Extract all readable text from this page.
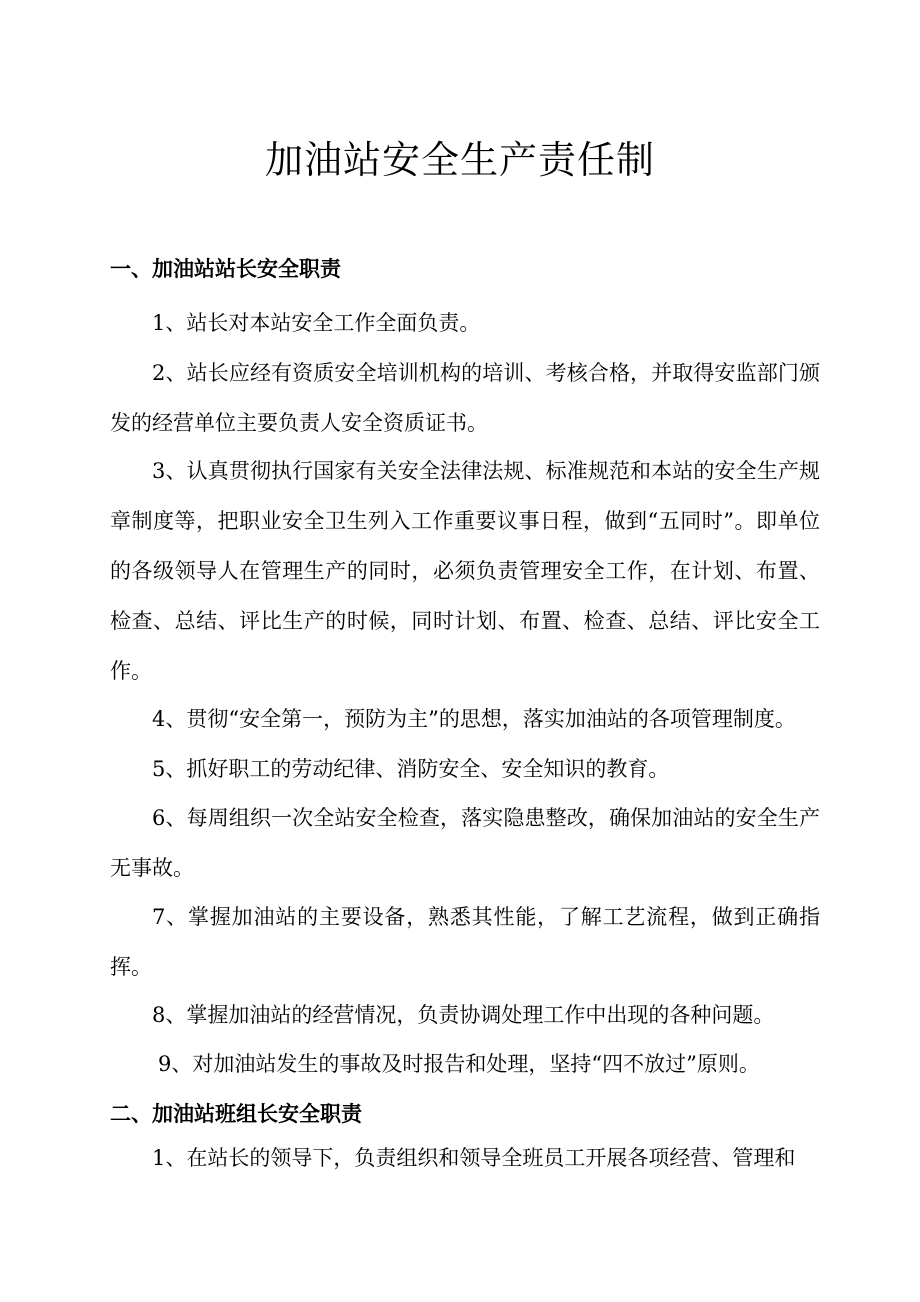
加油站安全生产责任制
一、加油站站长安全职责

1、站长对本站安全工作全面负责。

2、站长应经有资质安全培训机构的培训、考核合格，并取得安监部门颁发的经营单位主要负责人安全资质证书。

3、认真贯彻执行国家有关安全法律法规、标准规范和本站的安全生产规章制度等，把职业安全卫生列入工作重要议事日程，做到“五同时”。即单位的各级领导人在管理生产的同时，必须负责管理安全工作，在计划、布置、检查、总结、评比生产的时候，同时计划、布置、检查、总结、评比安全工作。

4、贯彻“安全第一，预防为主”的思想，落实加油站的各项管理制度。

5、抓好职工的劳动纪律、消防安全、安全知识的教育。

6、每周组织一次全站安全检查，落实隐患整改，确保加油站的安全生产无事故。

7、掌握加油站的主要设备，熟悉其性能，了解工艺流程，做到正确指挥。

8、掌握加油站的经营情况，负责协调处理工作中出现的各种问题。

9、对加油站发生的事故及时报告和处理，坚持“四不放过”原则。

二、加油站班组长安全职责

1、在站长的领导下，负责组织和领导全班员工开展各项经营、管理和
